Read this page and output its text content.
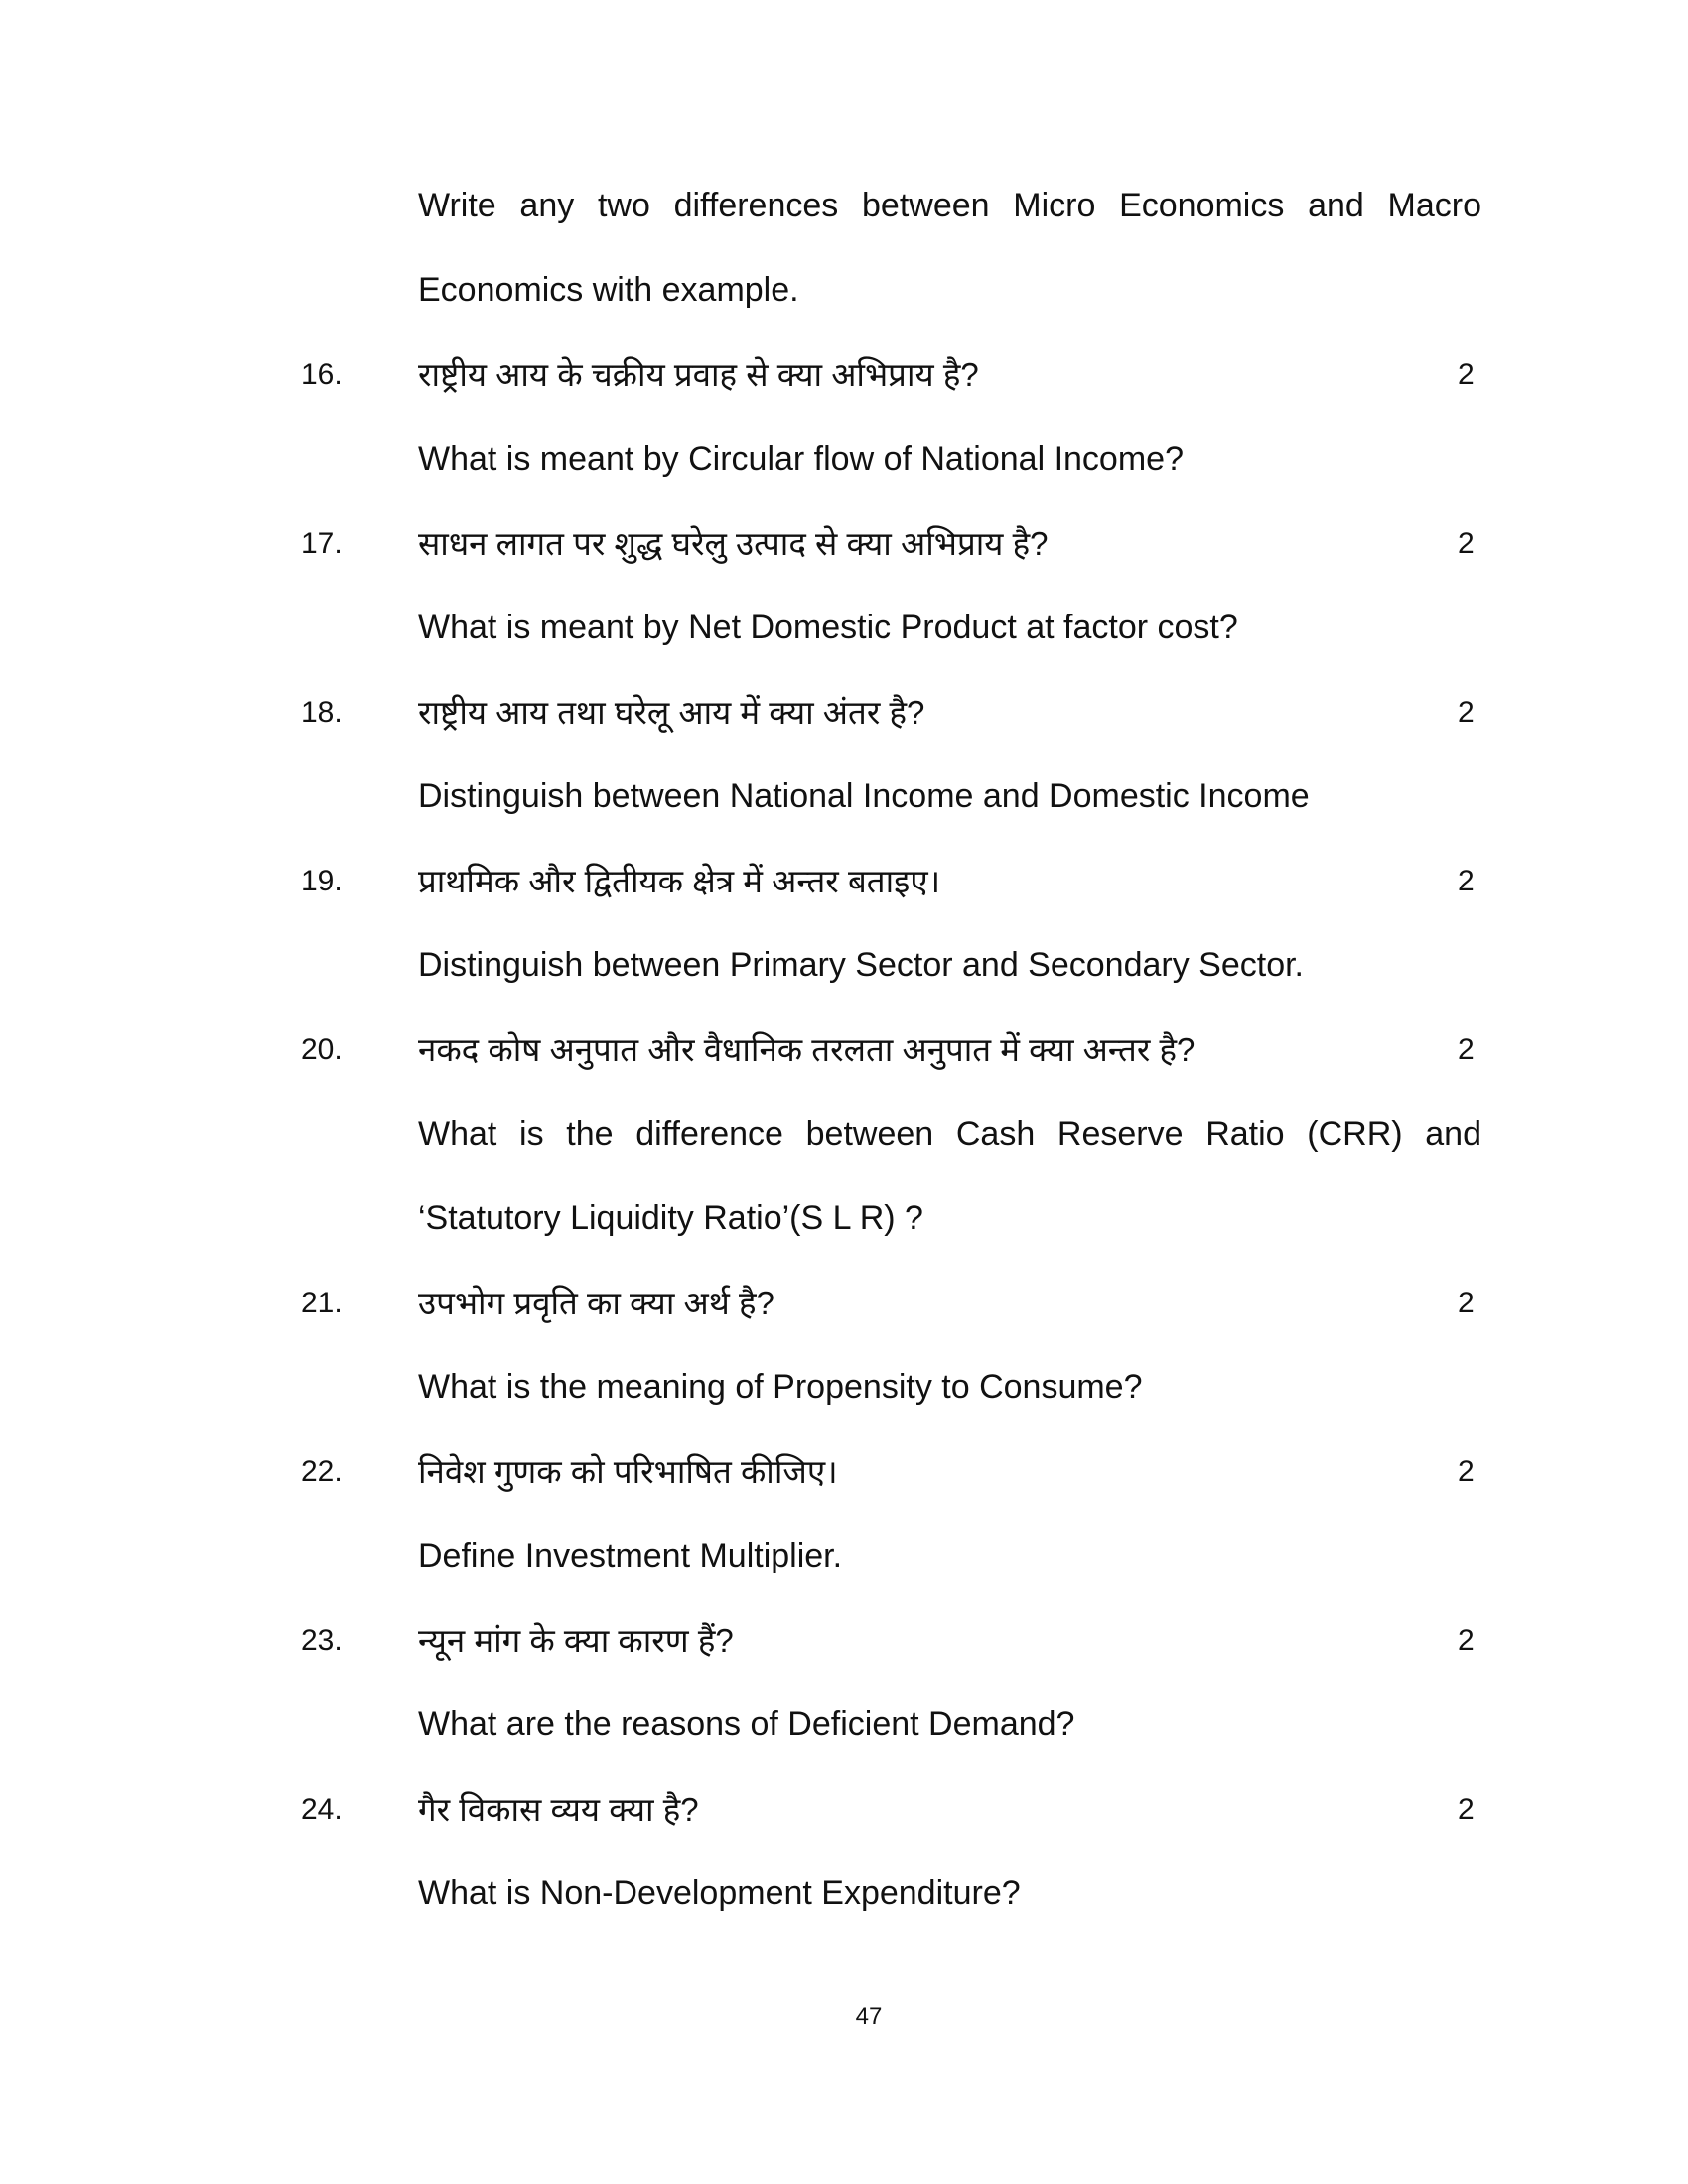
Write any two differences between Micro Economics and Macro
Economics with example.
16. राष्ट्रीय आय के चक्रीय प्रवाह से क्या अभिप्राय है?	2
What is meant by Circular flow of National Income?
17. साधन लागत पर शुद्ध घरेलु उत्पाद से क्या अभिप्राय है?	2
What is meant by Net Domestic Product at factor cost?
18. राष्ट्रीय आय तथा घरेलू आय में क्या अंतर है?	2
Distinguish between National Income and Domestic Income
19. प्राथमिक और द्वितीयक क्षेत्र में अन्तर बताइए।	2
Distinguish between Primary Sector and Secondary Sector.
20. नकद कोष अनुपात और वैधानिक तरलता अनुपात में क्या अन्तर है?	2
What is the difference between Cash Reserve Ratio (CRR) and
‘Statutory Liquidity Ratio’(S L R) ?
21. उपभोग प्रवृति का क्या अर्थ है?	2
What is the meaning of Propensity to Consume?
22. निवेश गुणक को परिभाषित कीजिए।	2
Define Investment Multiplier.
23. न्यून मांग के क्या कारण हैं?	2
What are the reasons of Deficient Demand?
24. गैर विकास व्यय क्या है?	2
What is Non-Development Expenditure?
47
